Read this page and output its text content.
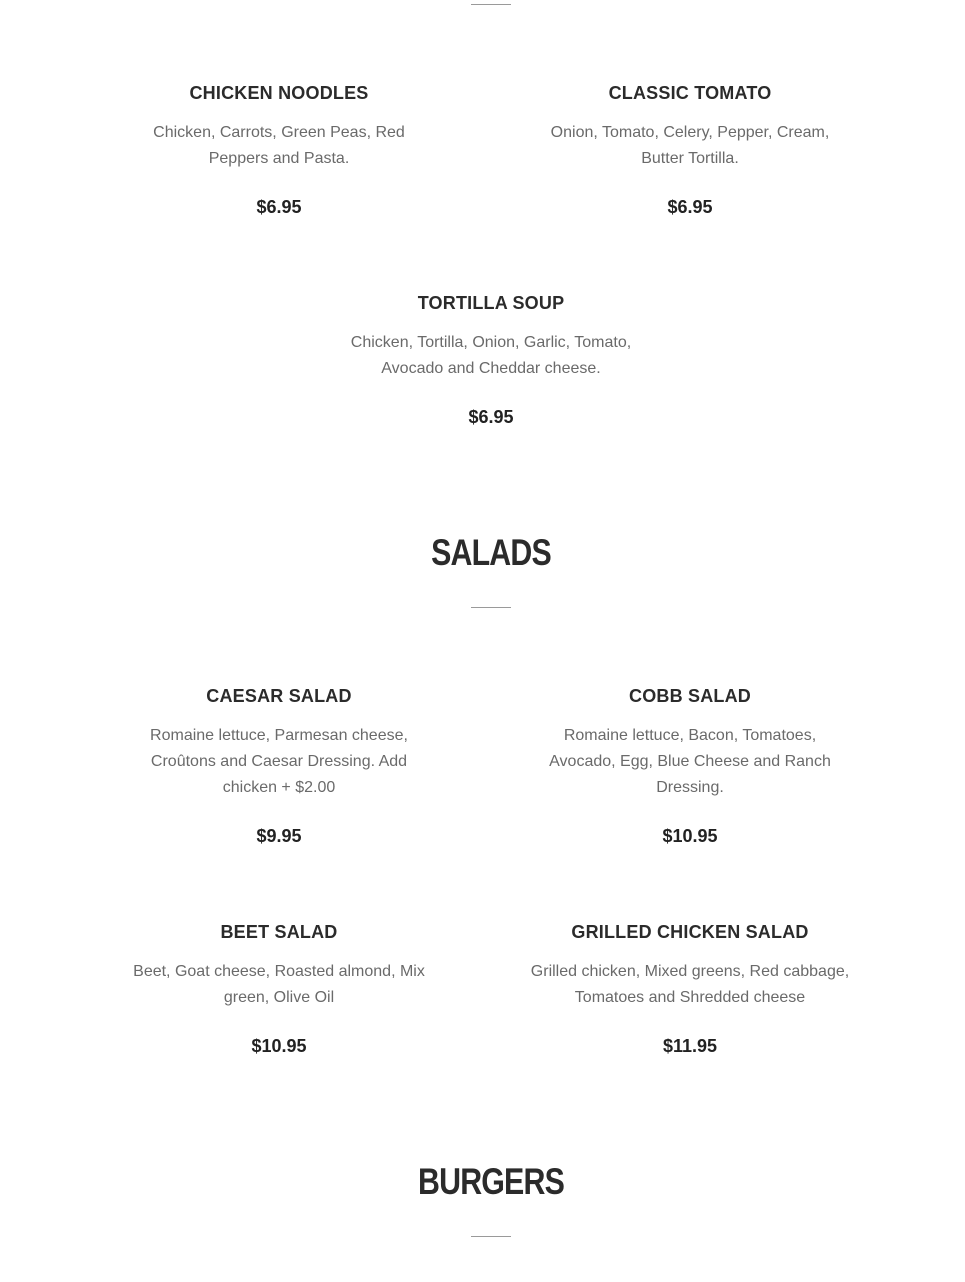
CHICKEN NOODLES

Chicken, Carrots, Green Peas, Red Peppers and Pasta.

$6.95

CLASSIC TOMATO

Onion, Tomato, Celery, Pepper, Cream, Butter Tortilla.

$6.95

TORTILLA SOUP

Chicken, Tortilla, Onion, Garlic, Tomato, Avocado and Cheddar cheese.

$6.95

SALADS
CAESAR SALAD

Romaine lettuce, Parmesan cheese, Croûtons and Caesar Dressing. Add chicken + $2.00

$9.95

COBB SALAD

Romaine lettuce, Bacon, Tomatoes, Avocado, Egg, Blue Cheese and Ranch Dressing.

$10.95

BEET SALAD

Beet, Goat cheese, Roasted almond, Mix green, Olive Oil

$10.95

GRILLED CHICKEN SALAD

Grilled chicken, Mixed greens, Red cabbage, Tomatoes and Shredded cheese

$11.95

BURGERS
